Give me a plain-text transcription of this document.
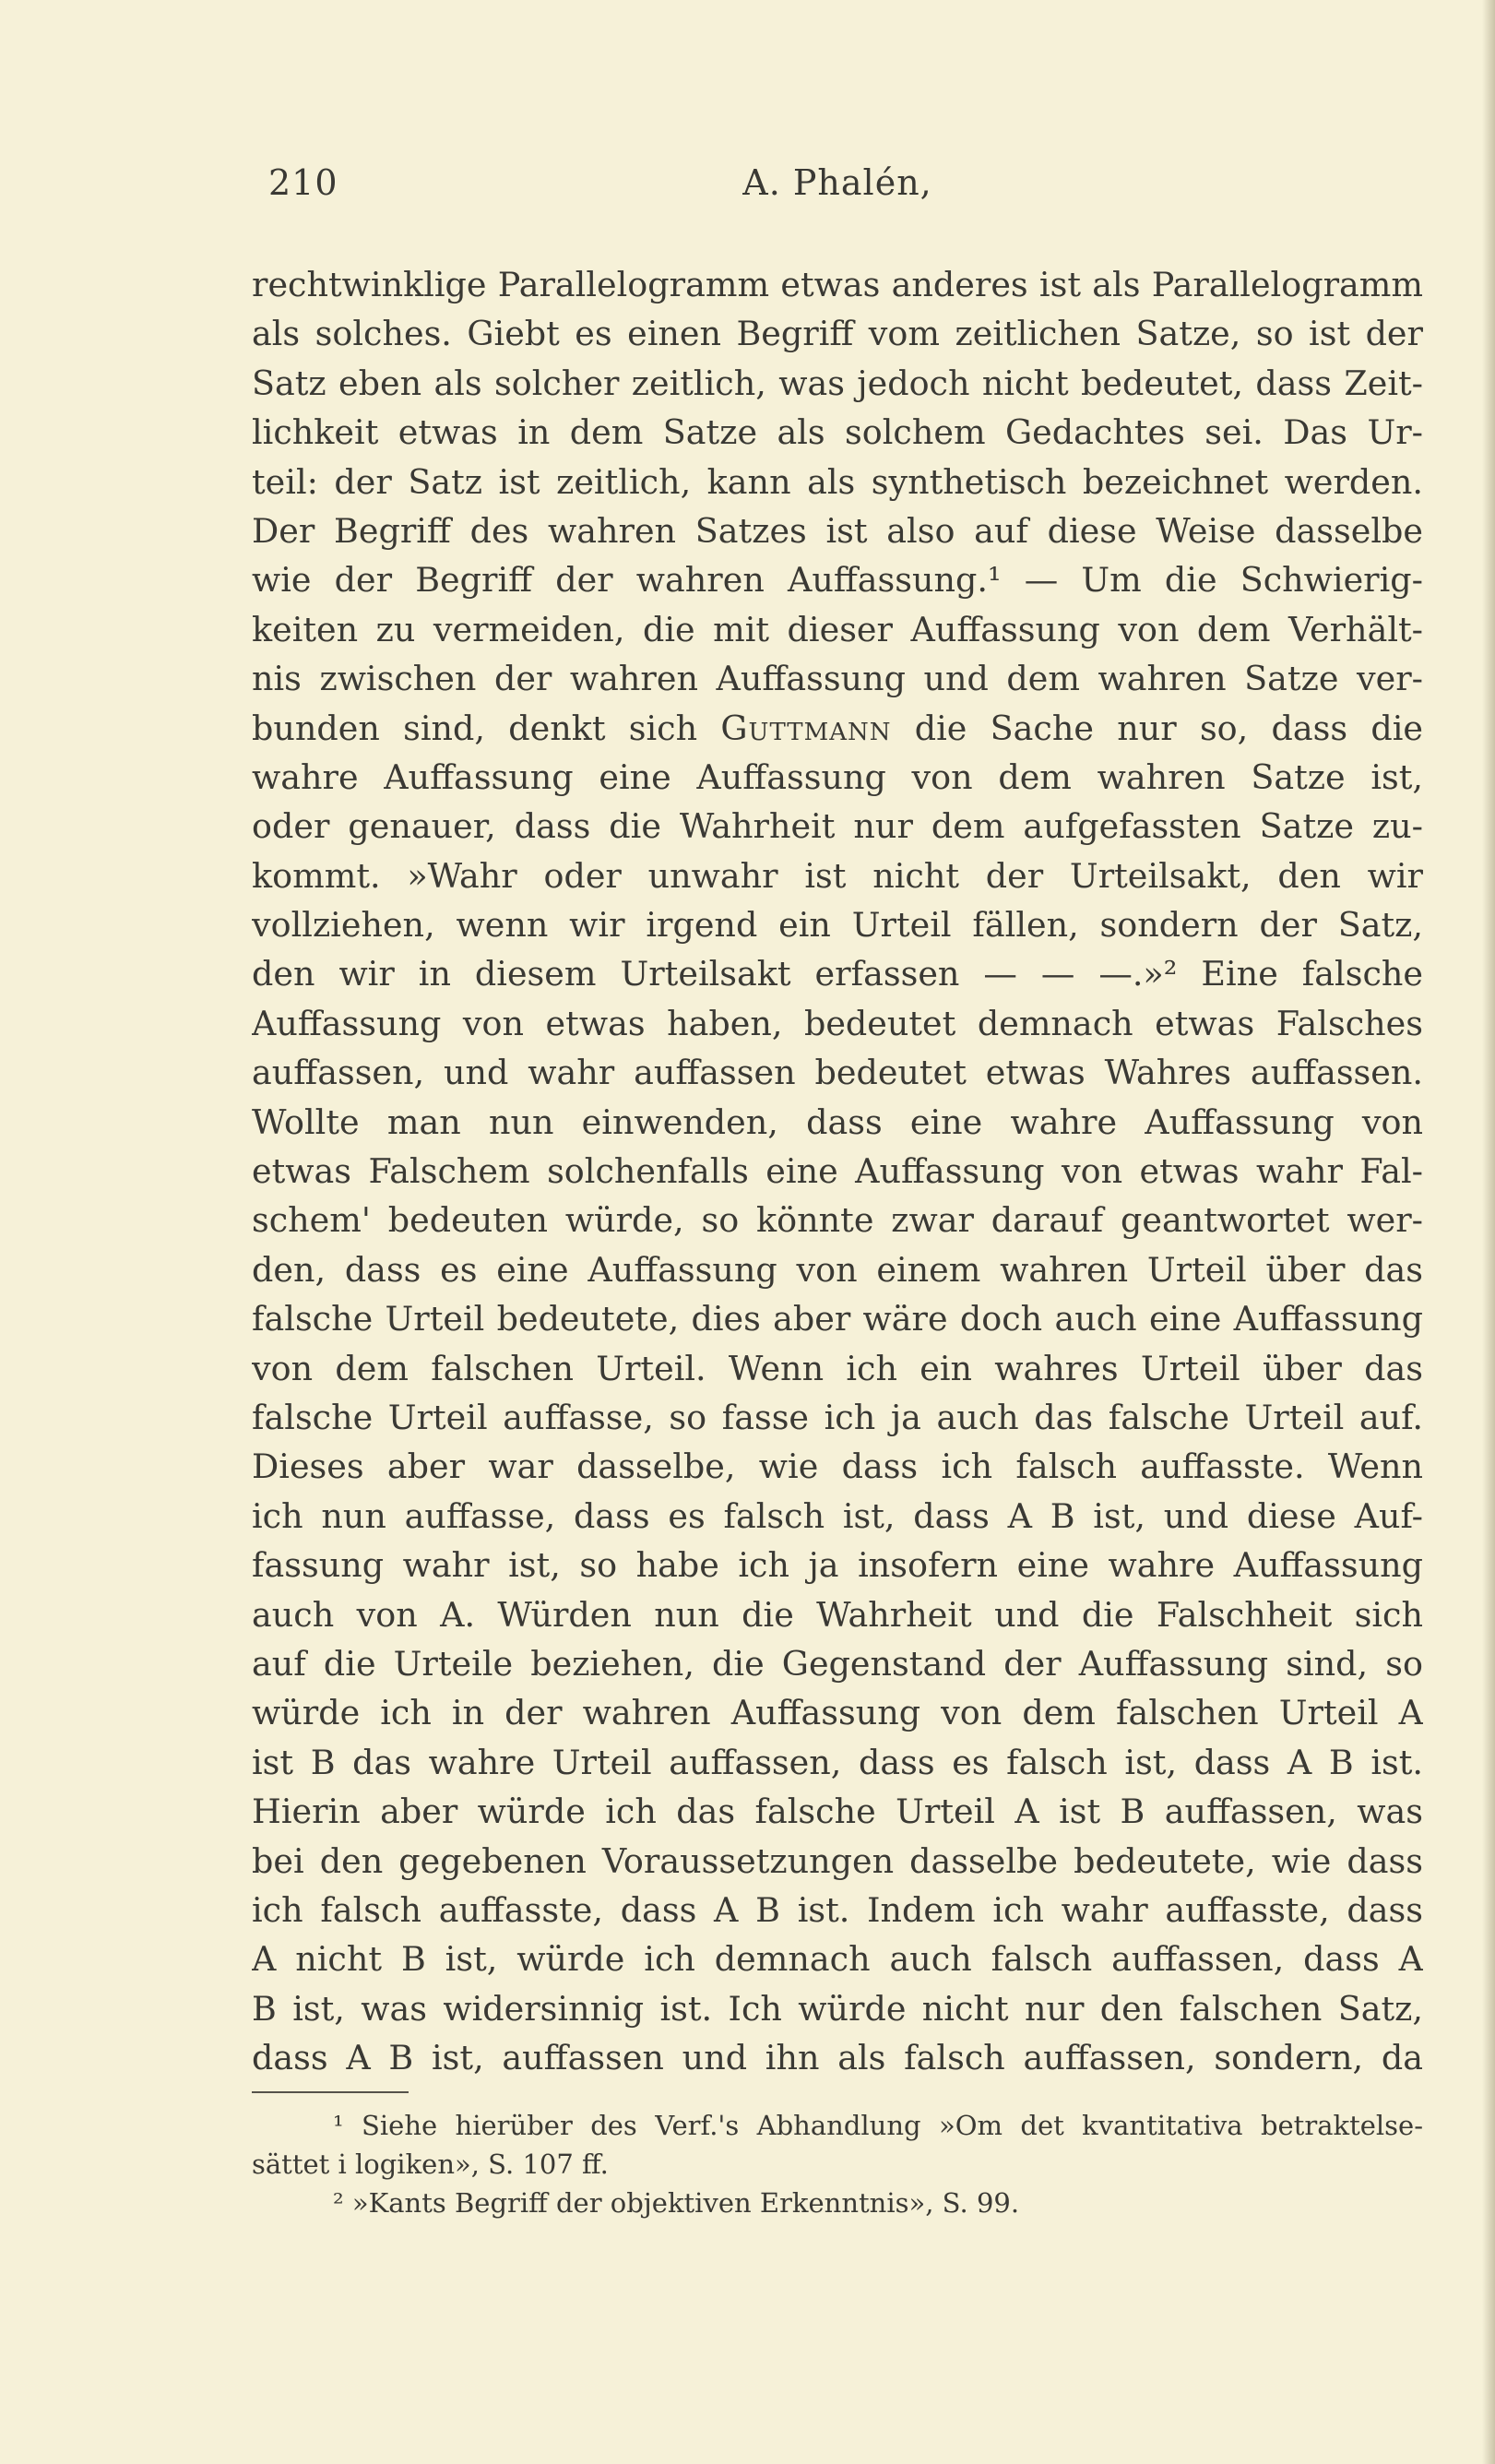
210	A. Phalén,
rechtwinklige Parallelogramm etwas anderes ist als Parallelogramm
als solches. Giebt es einen Begriff vom zeitlichen Satze, so ist der
Satz eben als solcher zeitlich, was jedoch nicht bedeutet, dass Zeit-
lichkeit etwas in dem Satze als solchem Gedachtes sei. Das Ur-
teil: der Satz ist zeitlich, kann als synthetisch bezeichnet werden.
Der Begriff des wahren Satzes ist also auf diese Weise dasselbe
wie der Begriff der wahren Auffassung.¹ — Um die Schwierig-
keiten zu vermeiden, die mit dieser Auffassung von dem Verhält-
nis zwischen der wahren Auffassung und dem wahren Satze ver-
bunden sind, denkt sich Guttmann die Sache nur so, dass die
wahre Auffassung eine Auffassung von dem wahren Satze ist,
oder genauer, dass die Wahrheit nur dem aufgefassten Satze zu-
kommt. »Wahr oder unwahr ist nicht der Urteilsakt, den wir
vollziehen, wenn wir irgend ein Urteil fällen, sondern der Satz,
den wir in diesem Urteilsakt erfassen — — —.»² Eine falsche
Auffassung von etwas haben, bedeutet demnach etwas Falsches
auffassen, und wahr auffassen bedeutet etwas Wahres auffassen.
Wollte man nun einwenden, dass eine wahre Auffassung von
etwas Falschem solchenfalls eine Auffassung von etwas wahr Fal-
schem' bedeuten würde, so könnte zwar darauf geantwortet wer-
den, dass es eine Auffassung von einem wahren Urteil über das
falsche Urteil bedeutete, dies aber wäre doch auch eine Auffassung
von dem falschen Urteil. Wenn ich ein wahres Urteil über das
falsche Urteil auffasse, so fasse ich ja auch das falsche Urteil auf.
Dieses aber war dasselbe, wie dass ich falsch auffasste. Wenn
ich nun auffasse, dass es falsch ist, dass A B ist, und diese Auf-
fassung wahr ist, so habe ich ja insofern eine wahre Auffassung
auch von A. Würden nun die Wahrheit und die Falschheit sich
auf die Urteile beziehen, die Gegenstand der Auffassung sind, so
würde ich in der wahren Auffassung von dem falschen Urteil A
ist B das wahre Urteil auffassen, dass es falsch ist, dass A B ist.
Hierin aber würde ich das falsche Urteil A ist B auffassen, was
bei den gegebenen Voraussetzungen dasselbe bedeutete, wie dass
ich falsch auffasste, dass A B ist. Indem ich wahr auffasste, dass
A nicht B ist, würde ich demnach auch falsch auffassen, dass A
B ist, was widersinnig ist. Ich würde nicht nur den falschen Satz,
dass A B ist, auffassen und ihn als falsch auffassen, sondern, da
¹ Siehe hierüber des Verf.'s Abhandlung »Om det kvantitativa betraktelse-
sättet i logiken», S. 107 ff.
² »Kants Begriff der objektiven Erkenntnis», S. 99.
